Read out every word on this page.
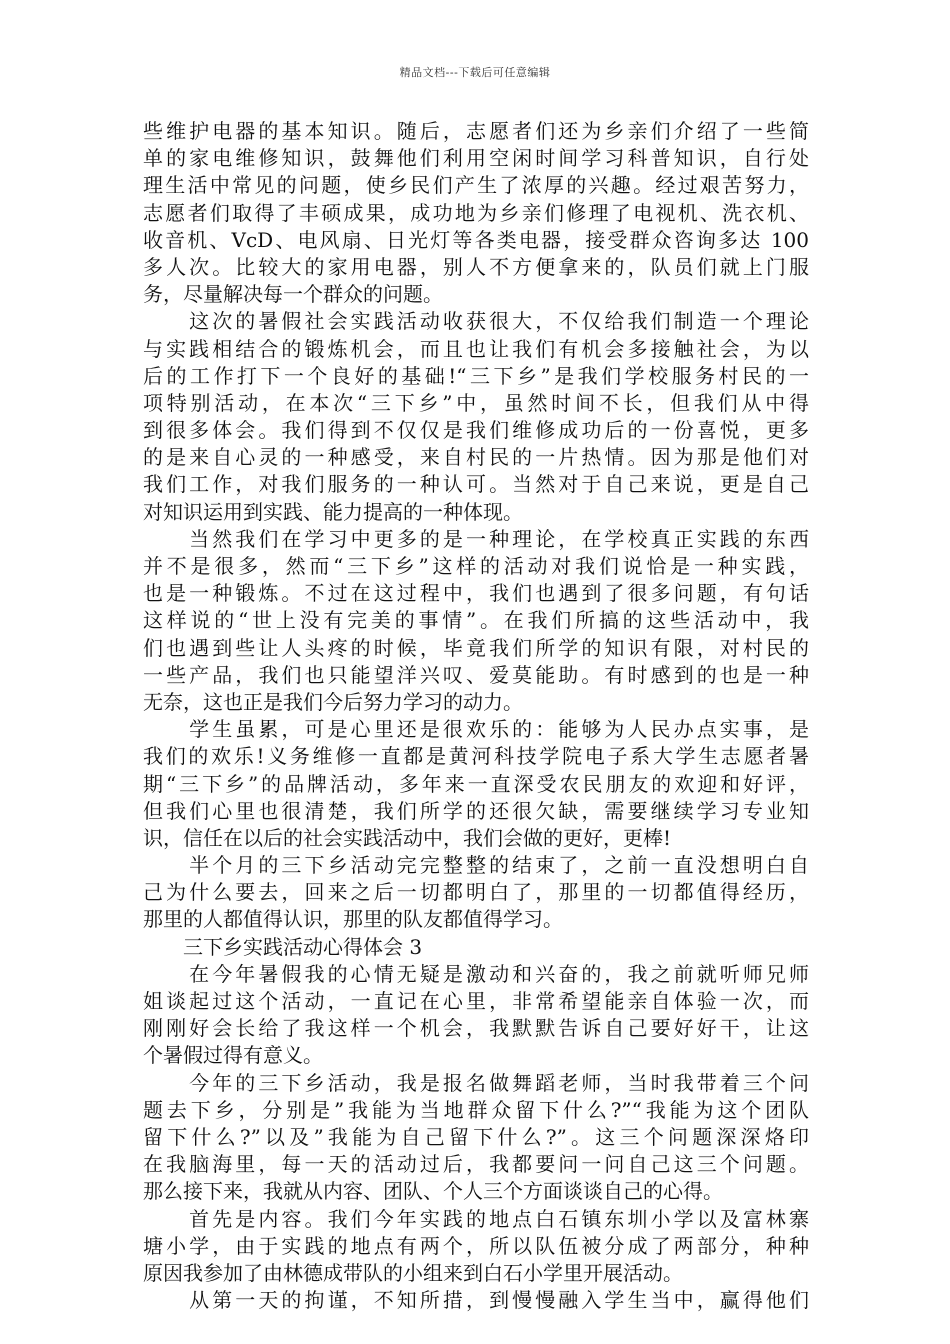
精品文档---下载后可任意编辑
些维护电器的基本知识。随后，志愿者们还为乡亲们介绍了一些简
单的家电维修知识，鼓舞他们利用空闲时间学习科普知识，自行处
理生活中常见的问题，使乡民们产生了浓厚的兴趣。经过艰苦努力，
志愿者们取得了丰硕成果，成功地为乡亲们修理了电视机、洗衣机、
收音机、VcD、电风扇、日光灯等各类电器，接受群众咨询多达 100
多人次。比较大的家用电器，别人不方便拿来的，队员们就上门服
务，尽量解决每一个群众的问题。
　　这次的暑假社会实践活动收获很大，不仅给我们制造一个理论
与实践相结合的锻炼机会，而且也让我们有机会多接触社会，为以
后的工作打下一个良好的基础!“三下乡”是我们学校服务村民的一
项特别活动，在本次“三下乡”中，虽然时间不长，但我们从中得
到很多体会。我们得到不仅仅是我们维修成功后的一份喜悦，更多
的是来自心灵的一种感受，来自村民的一片热情。因为那是他们对
我们工作，对我们服务的一种认可。当然对于自己来说，更是自己
对知识运用到实践、能力提高的一种体现。
　　当然我们在学习中更多的是一种理论，在学校真正实践的东西
并不是很多，然而“三下乡”这样的活动对我们说恰是一种实践，
也是一种锻炼。不过在这过程中，我们也遇到了很多问题，有句话
这样说的“世上没有完美的事情”。在我们所搞的这些活动中，我
们也遇到些让人头疼的时候，毕竟我们所学的知识有限，对村民的
一些产品，我们也只能望洋兴叹、爱莫能助。有时感到的也是一种
无奈，这也正是我们今后努力学习的动力。
　　学生虽累，可是心里还是很欢乐的：能够为人民办点实事，是
我们的欢乐!义务维修一直都是黄河科技学院电子系大学生志愿者暑
期“三下乡”的品牌活动，多年来一直深受农民朋友的欢迎和好评，
但我们心里也很清楚，我们所学的还很欠缺，需要继续学习专业知
识，信任在以后的社会实践活动中，我们会做的更好，更棒!
　　半个月的三下乡活动完完整整的结束了，之前一直没想明白自
己为什么要去，回来之后一切都明白了，那里的一切都值得经历，
那里的人都值得认识，那里的队友都值得学习。
　　三下乡实践活动心得体会 3
　　在今年暑假我的心情无疑是激动和兴奋的，我之前就听师兄师
姐谈起过这个活动，一直记在心里，非常希望能亲自体验一次，而
刚刚好会长给了我这样一个机会，我默默告诉自己要好好干，让这
个暑假过得有意义。
　　今年的三下乡活动，我是报名做舞蹈老师，当时我带着三个问
题去下乡，分别是”我能为当地群众留下什么?”“我能为这个团队
留下什么?”以及”我能为自己留下什么?”。这三个问题深深烙印
在我脑海里，每一天的活动过后，我都要问一问自己这三个问题。
那么接下来，我就从内容、团队、个人三个方面谈谈自己的心得。
　　首先是内容。我们今年实践的地点白石镇东圳小学以及富林寨
塘小学，由于实践的地点有两个，所以队伍被分成了两部分，种种
原因我参加了由林德成带队的小组来到白石小学里开展活动。
　　从第一天的拘谨，不知所措，到慢慢融入学生当中，赢得他们
